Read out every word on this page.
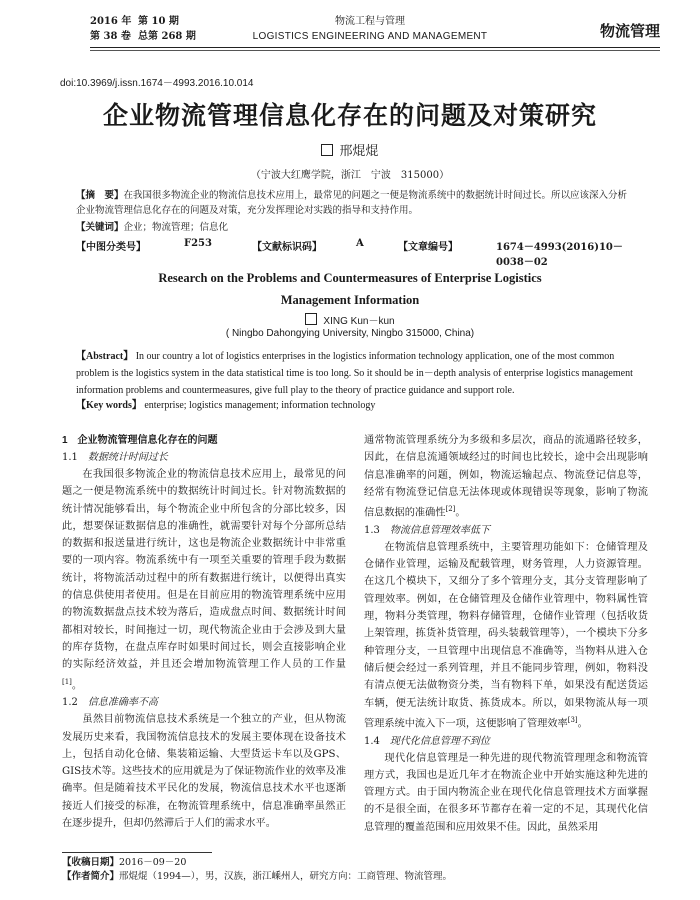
2016 年 第 10 期
第 38 卷 总第 268 期
物流工程与管理
LOGISTICS ENGINEERING AND MANAGEMENT	物流管理
doi:10.3969/j.issn.1674－4993.2016.10.014
企业物流管理信息化存在的问题及对策研究
邢焜焜
（宁波大红鹰学院，浙江　宁波　315000）
【摘　要】在我国很多物流企业的物流信息技术应用上，最常见的问题之一便是物流系统中的数据统计时间过长。所以应该深入分析企业物流管理信息化存在的问题及对策，充分发挥理论对实践的指导和支持作用。
【关键词】企业；物流管理；信息化
【中图分类号】	F253	【文献标识码】	A	【文章编号】	1674－4993(2016)10－0038－02
Research on the Problems and Countermeasures of Enterprise Logistics
Management Information
XING Kun－kun
( Ningbo Dahongying University, Ningbo 315000, China)
【Abstract】 In our country a lot of logistics enterprises in the logistics information technology application, one of the most common problem is the logistics system in the data statistical time is too long. So it should be in－depth analysis of enterprise logistics management information problems and countermeasures, give full play to the theory of practice guidance and support role.
【Key words】 enterprise; logistics management; information technology
1　企业物流管理信息化存在的问题
1.1　 数据统计时间过长

在我国很多物流企业的物流信息技术应用上，最常见的问题之一便是物流系统中的数据统计时间过长。针对物流数据的统计情况能够看出，每个物流企业中所包含的分部比较多，因此，想要保证数据信息的准确性，就需要针对每个分部所总结的数据和报送量进行统计，这也是物流企业数据统计中非常重要的一项内容。物流系统中有一项至关重要的管理手段为数据统计，将物流活动过程中的所有数据进行统计，以便得出真实的信息供使用者使用。但是在目前应用的物流管理系统中应用的物流数据盘点技术较为落后，造成盘点时间、数据统计时间都相对较长，时间拖过一切，现代物流企业由于会涉及到大量的库存货物，在盘点库存时如果时间过长，则会直接影响企业的实际经济效益，并且还会增加物流管理工作人员的工作量[1]。

1.2　 信息准确率不高

虽然目前物流信息技术系统是一个独立的产业，但从物流发展历史来看，我国物流信息技术的发展主要体现在设备技术上，包括自动化仓储、集装箱运输、大型货运卡车以及GPS、GIS技术等。这些技术的应用就是为了保证物流作业的效率及准确率。但是随着技术平民化的发展，物流信息技术水平也逐渐接近人们接受的标准，在物流管理系统中，信息准确率虽然正在逐步提升，但却仍然滞后于人们的需求水平。

通常物流管理系统分为多级和多层次，商品的流通路径较多，因此，在信息流通领域经过的时间也比较长，途中会出现影响信息准确率的问题，例如，物流运输起点、物流登记信息等，经常有物流登记信息无法体现或体现错误等现象，影响了物流信息数据的准确性[2]。

1.3　 物流信息管理效率低下

在物流信息管理系统中，主要管理功能如下：仓储管理及仓储作业管理，运输及配载管理，财务管理，人力资源管理。在这几个模块下，又细分了多个管理分支，其分支管理影响了管理效率。例如，在仓储管理及仓储作业管理中，物料属性管理，物料分类管理，物料存储管理，仓储作业管理（包括收货上架管理，拣货补货管理，码头装载管理等），一个模块下分多种管理分支，一旦管理中出现信息不准确等，当物料从进入仓储后便会经过一系列管理，并且不能同步管理，例如，物料没有清点便无法做物资分类，当有物料下单，如果没有配送货运车辆，便无法统计取货、拣货成本。所以，如果物流从每一项管理系统中流入下一项，这便影响了管理效率[3]。

1.4　 现代化信息管理不到位

现代化信息管理是一种先进的现代物流管理理念和物流管理方式，我国也是近几年才在物流企业中开始实施这种先进的管理方式。由于国内物流企业在现代化信息管理技术方面掌握的不是很全面，在很多环节都存在着一定的不足，其现代化信息管理的覆盖范围和应用效果不佳。因此，虽然采用

【收稿日期】2016－09－20
【作者简介】邢焜焜（1994—），男，汉族，浙江嵊州人，研究方向：工商管理、物流管理。
